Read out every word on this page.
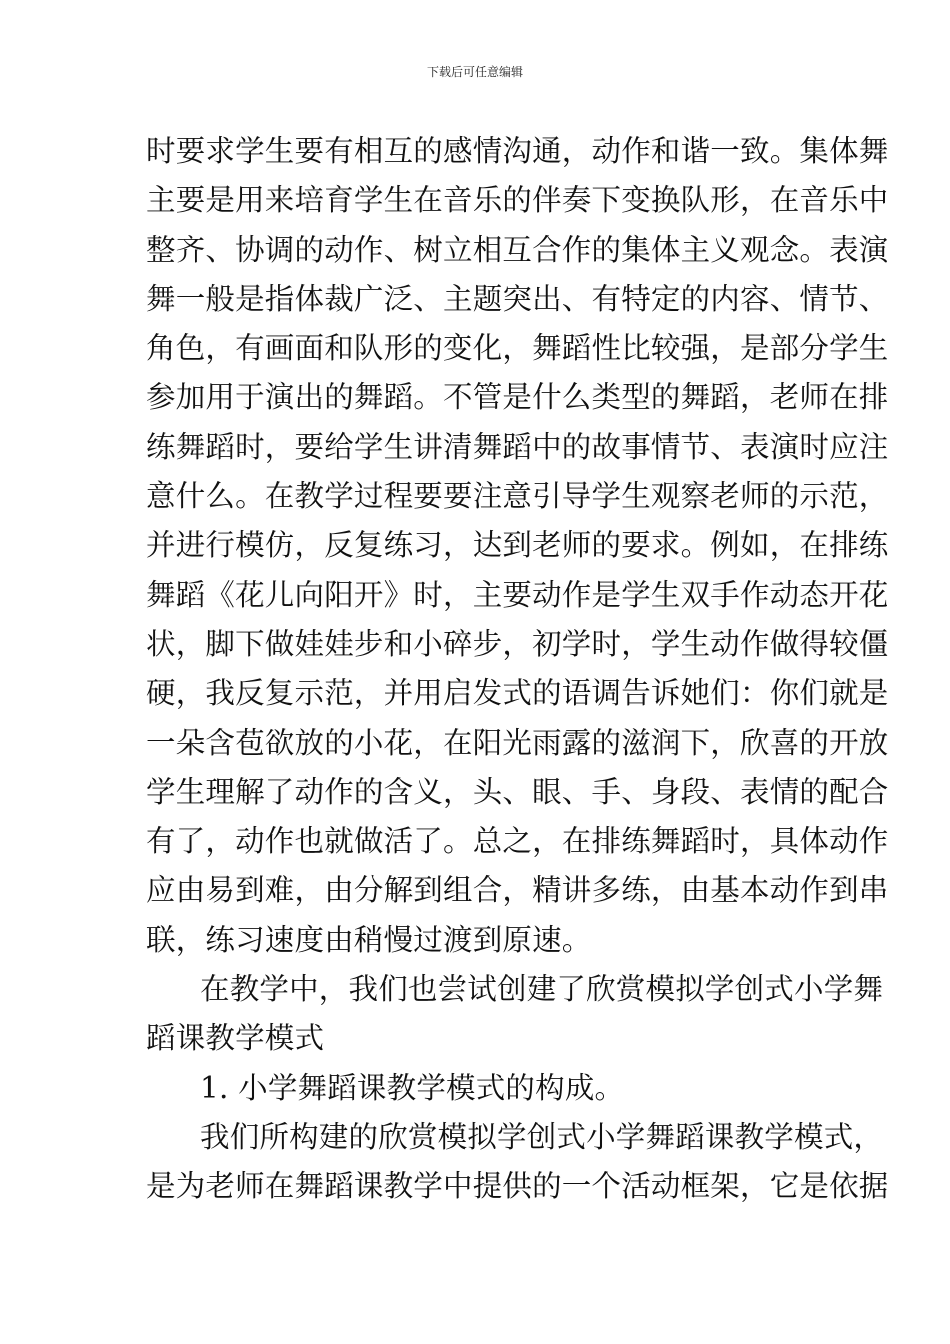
下载后可任意编辑
时要求学生要有相互的感情沟通，动作和谐一致。集体舞
主要是用来培育学生在音乐的伴奏下变换队形，在音乐中
整齐、协调的动作、树立相互合作的集体主义观念。表演
舞一般是指体裁广泛、主题突出、有特定的内容、情节、
角色，有画面和队形的变化，舞蹈性比较强，是部分学生
参加用于演出的舞蹈。不管是什么类型的舞蹈，老师在排
练舞蹈时，要给学生讲清舞蹈中的故事情节、表演时应注
意什么。在教学过程要要注意引导学生观察老师的示范，
并进行模仿，反复练习，达到老师的要求。例如，在排练
舞蹈《花儿向阳开》时，主要动作是学生双手作动态开花
状，脚下做娃娃步和小碎步，初学时，学生动作做得较僵
硬，我反复示范，并用启发式的语调告诉她们：你们就是
一朵含苞欲放的小花，在阳光雨露的滋润下，欣喜的开放
学生理解了动作的含义，头、眼、手、身段、表情的配合
有了，动作也就做活了。总之，在排练舞蹈时，具体动作
应由易到难，由分解到组合，精讲多练，由基本动作到串
联，练习速度由稍慢过渡到原速。
在教学中，我们也尝试创建了欣赏模拟学创式小学舞
蹈课教学模式
1. 小学舞蹈课教学模式的构成。
我们所构建的欣赏模拟学创式小学舞蹈课教学模式，
是为老师在舞蹈课教学中提供的一个活动框架，它是依据
